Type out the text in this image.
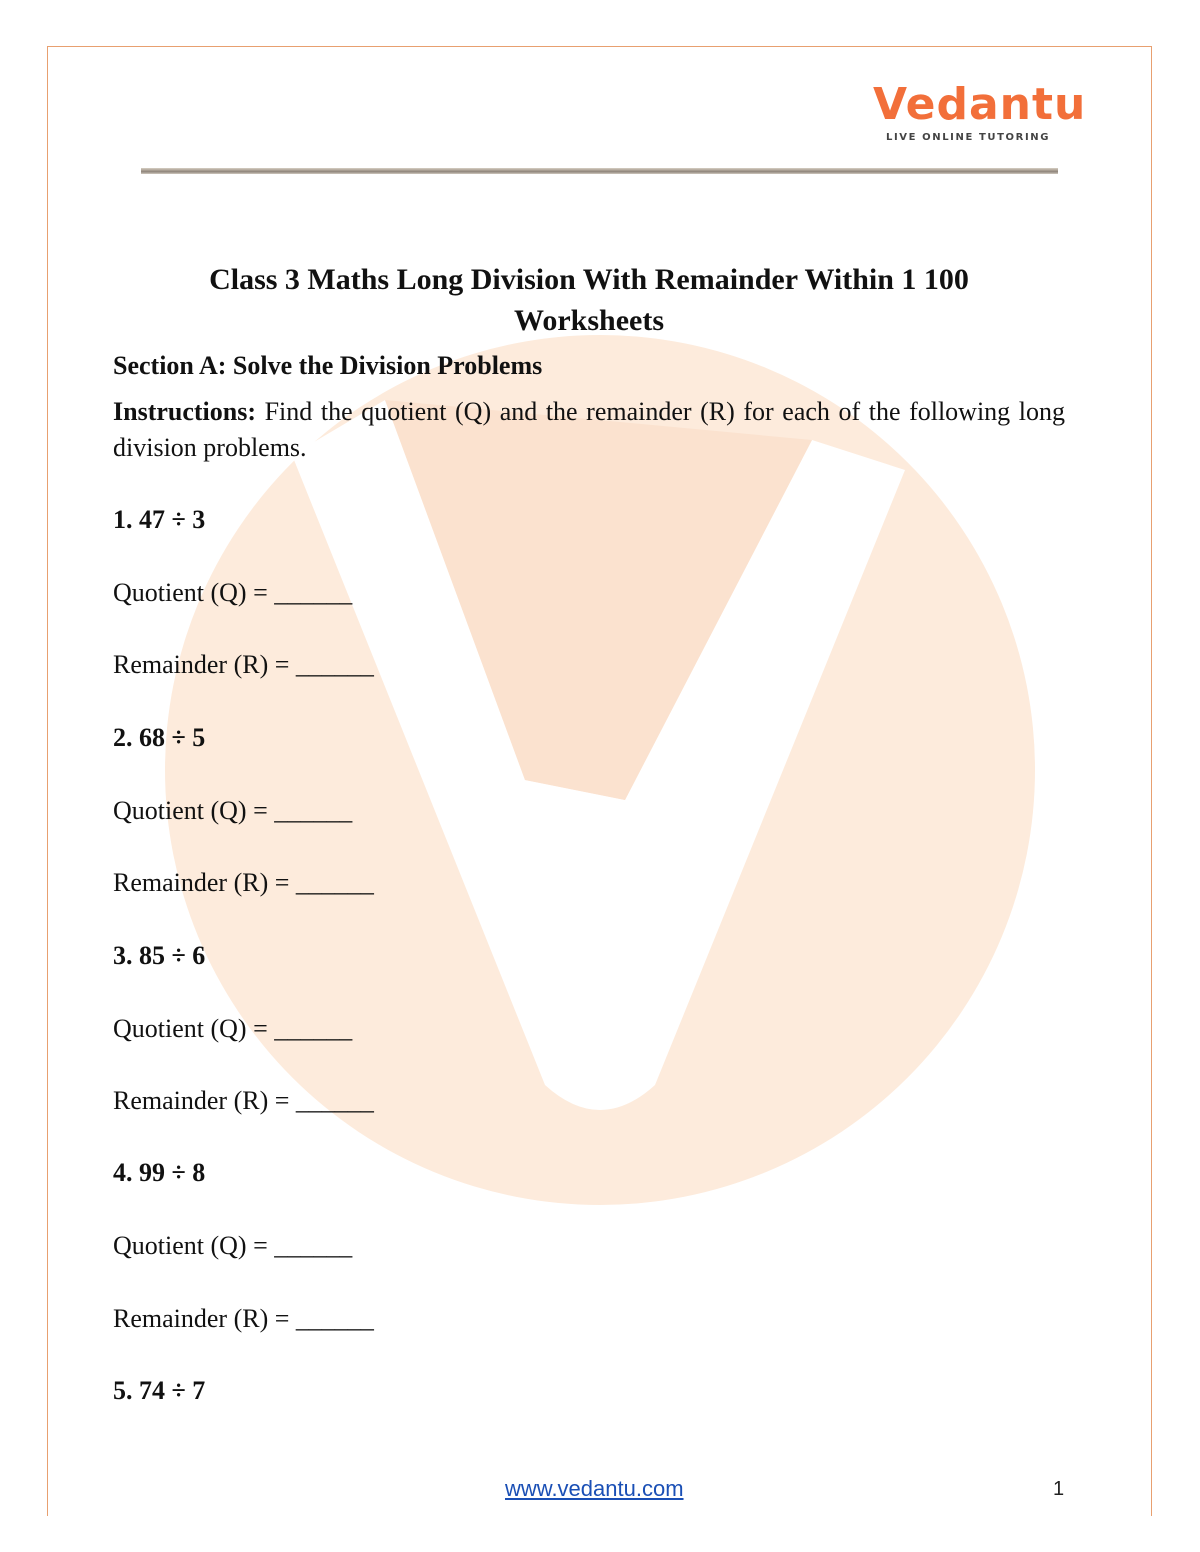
Vedantu
LIVE ONLINE TUTORING
Class 3 Maths Long Division With Remainder Within 1 100
Worksheets
Section A: Solve the Division Problems
Instructions: Find the quotient (Q) and the remainder (R) for each of the following long division problems.
1. 47 ÷ 3
Quotient (Q) = ______
Remainder (R) = ______
2. 68 ÷ 5
Quotient (Q) = ______
Remainder (R) = ______
3. 85 ÷ 6
Quotient (Q) = ______
Remainder (R) = ______
4. 99 ÷ 8
Quotient (Q) = ______
Remainder (R) = ______
5. 74 ÷ 7
www.vedantu.com	1
